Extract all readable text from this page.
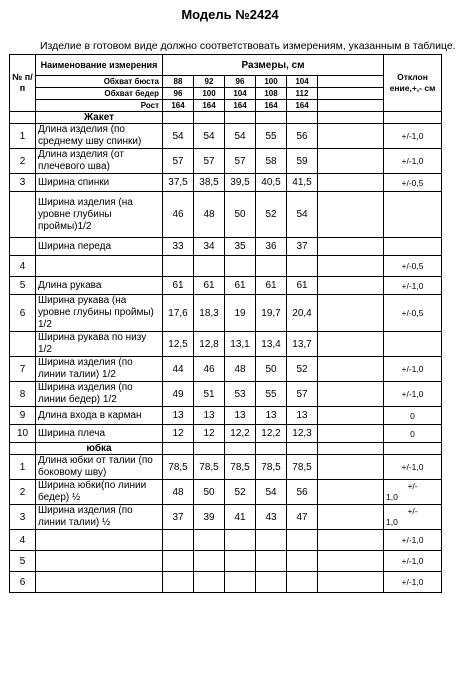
Модель №2424
Изделие в готовом виде должно соответствовать измерениям, указанным в таблице.
№ п/п	Наименование измерения	Размеры, см						Отклон ение,+,- см
	Обхват бюста	88	92	96	100	104		
	Обхват бедер	96	100	104	108	112		
	Рост	164	164	164	164	164		
	Жакет							
1	Длина изделия (по среднему шву спинки)	54	54	54	55	56		+/-1,0
2	Длина изделия (от плечевого шва)	57	57	57	58	59		+/-1,0
3	Ширина спинки	37,5	38,5	39,5	40,5	41,5		+/-0,5
	Ширина изделия (на уровне глубины проймы)1/2	46	48	50	52	54		
	Ширина переда	33	34	35	36	37		
4								+/-0,5
5	Длина рукава	61	61	61	61	61		+/-1,0
6	Ширина рукава (на уровне глубины проймы) 1/2	17,6	18,3	19	19,7	20,4		+/-0,5
	Ширина рукава по низу 1/2	12,5	12,8	13,1	13,4	13,7		
7	Ширина изделия (по линии талии) 1/2	44	46	48	50	52		+/-1,0
8	Ширина изделия (по линии бедер) 1/2	49	51	53	55	57		+/-1,0
9	Длина входа в карман	13	13	13	13	13		0
10	Ширина плеча	12	12	12,2	12,2	12,3		0
	юбка							
1	Длина юбки от талии (по боковому шву)	78,5	78,5	78,5	78,5	78,5		+/-1,0
2	Ширина юбки(по линии бедер) ½	48	50	52	54	56		+/-
1,0

3	Ширина изделия (по линии талии) ½	37	39	41	43	47		+/-
1,0

4								+/-1,0
5								+/-1,0
6								+/-1,0
